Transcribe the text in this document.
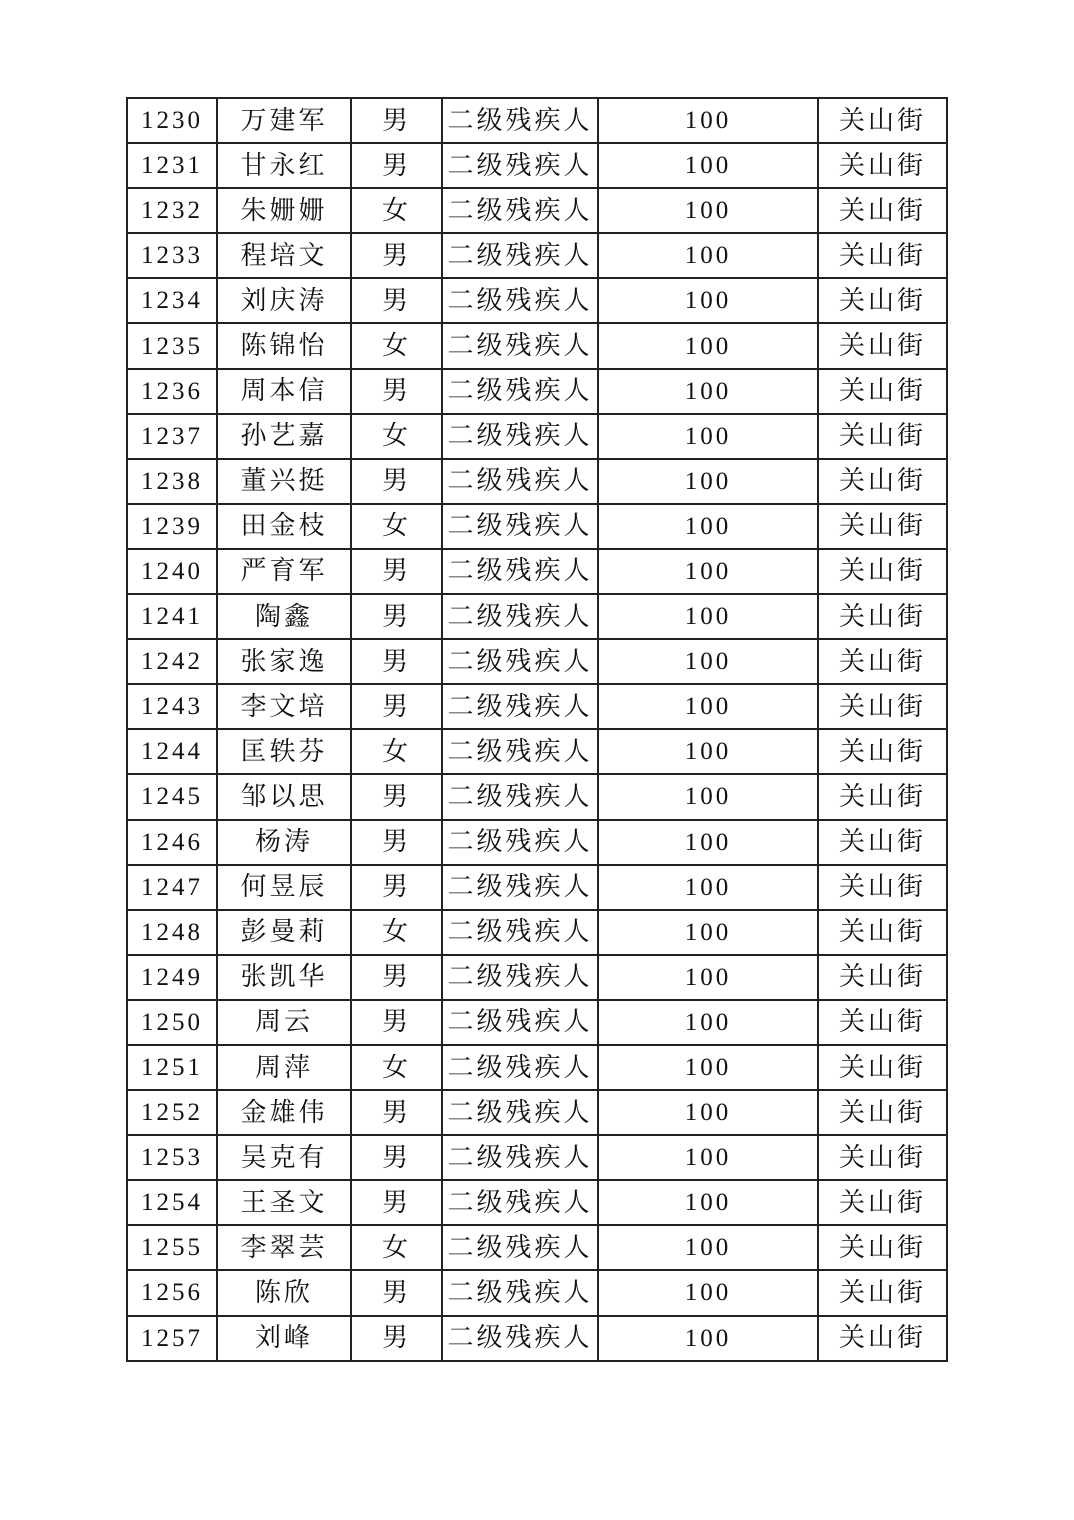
1230	万建军	男	二级残疾人	100	关山街
1231	甘永红	男	二级残疾人	100	关山街
1232	朱姗姗	女	二级残疾人	100	关山街
1233	程培文	男	二级残疾人	100	关山街
1234	刘庆涛	男	二级残疾人	100	关山街
1235	陈锦怡	女	二级残疾人	100	关山街
1236	周本信	男	二级残疾人	100	关山街
1237	孙艺嘉	女	二级残疾人	100	关山街
1238	董兴挺	男	二级残疾人	100	关山街
1239	田金枝	女	二级残疾人	100	关山街
1240	严育军	男	二级残疾人	100	关山街
1241	陶鑫	男	二级残疾人	100	关山街
1242	张家逸	男	二级残疾人	100	关山街
1243	李文培	男	二级残疾人	100	关山街
1244	匡轶芬	女	二级残疾人	100	关山街
1245	邹以思	男	二级残疾人	100	关山街
1246	杨涛	男	二级残疾人	100	关山街
1247	何昱辰	男	二级残疾人	100	关山街
1248	彭曼莉	女	二级残疾人	100	关山街
1249	张凯华	男	二级残疾人	100	关山街
1250	周云	男	二级残疾人	100	关山街
1251	周萍	女	二级残疾人	100	关山街
1252	金雄伟	男	二级残疾人	100	关山街
1253	吴克有	男	二级残疾人	100	关山街
1254	王圣文	男	二级残疾人	100	关山街
1255	李翠芸	女	二级残疾人	100	关山街
1256	陈欣	男	二级残疾人	100	关山街
1257	刘峰	男	二级残疾人	100	关山街
